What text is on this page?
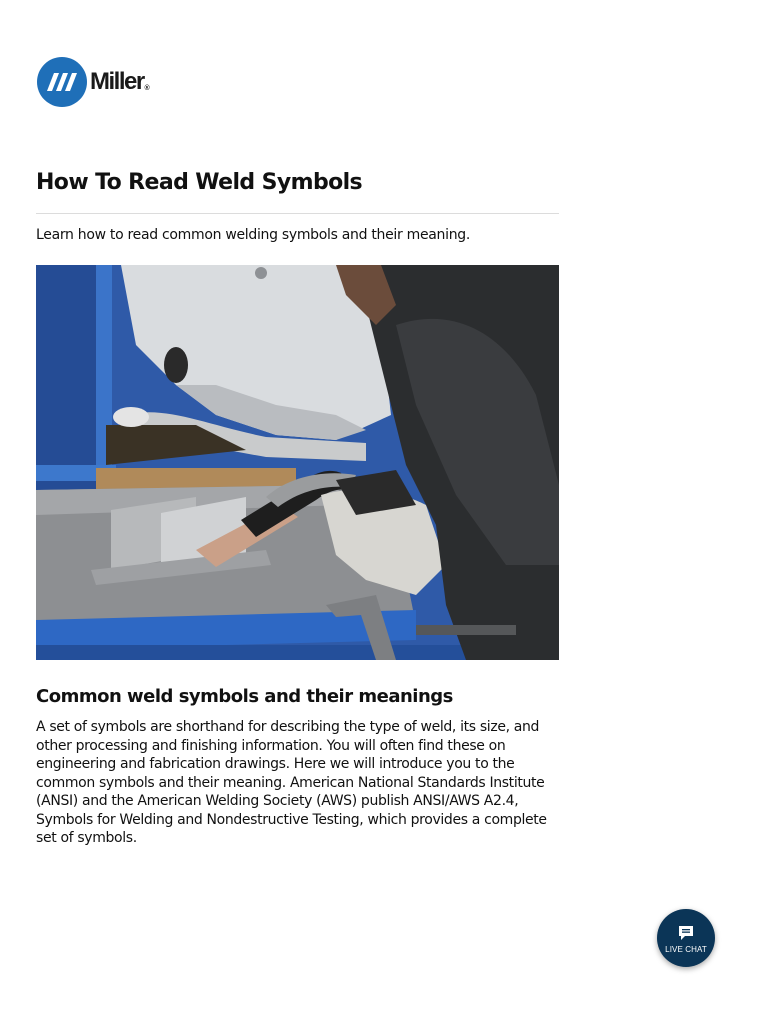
Miller ®
How To Read Weld Symbols

Learn how to read common welding symbols and their meaning.

Common weld symbols and their meanings

A set of symbols are shorthand for describing the type of weld, its size, and other processing and finishing information. You will often find these on engineering and fabrication drawings. Here we will introduce you to the common symbols and their meaning. American National Standards Institute (ANSI) and the American Welding Society (AWS) publish ANSI/AWS A2.4, Symbols for Welding and Nondestructive Testing, which provides a complete set of symbols.

LIVE CHAT
